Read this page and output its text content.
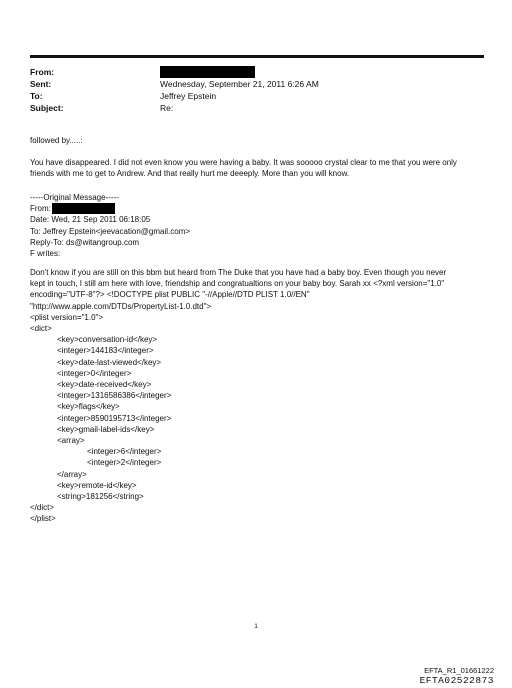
From:
Sent:	Wednesday, September 21, 2011 6:26 AM
To:	Jeffrey Epstein
Subject:	Re:
followed by.....:
You have disappeared. I did not even know you were having a baby. It was sooooo crystal clear to me that you were only
friends with me to get to Andrew. And that really hurt me deeeply. More than you will know.
-----Original Message-----
From:
Date: Wed, 21 Sep 2011 06:18:05
To: Jeffrey Epstein<jeevacation@gmail.com>
Reply-To: ds@witangroup.com
F writes:
Don't know if you are still on this bbm but heard from The Duke that you have had a baby boy. Even though you never
kept in touch, I still am here with love, friendship and congratualtions on your baby boy. Sarah xx <?xml version="1.0"
encoding="UTF-8"?> <!DOCTYPE plist PUBLIC "-//Apple//DTD PLIST 1.0//EN"
"http://www.apple.com/DTDs/PropertyList-1.0.dtd">
<plist version="1.0">
<dict>
<key>conversation-id</key>
<integer>144183</integer>
<key>date-last-viewed</key>
<integer>0</integer>
<key>date-received</key>
<integer>1316586386</integer>
<key>flags</key>
<integer>8590195713</integer>
<key>gmail-label-ids</key>
<array>
<integer>6</integer>
<integer>2</integer>
</array>
<key>remote-id</key>
<string>181256</string>
</dict>
</plist>
1
EFTA_R1_01661222
EFTA02522873
